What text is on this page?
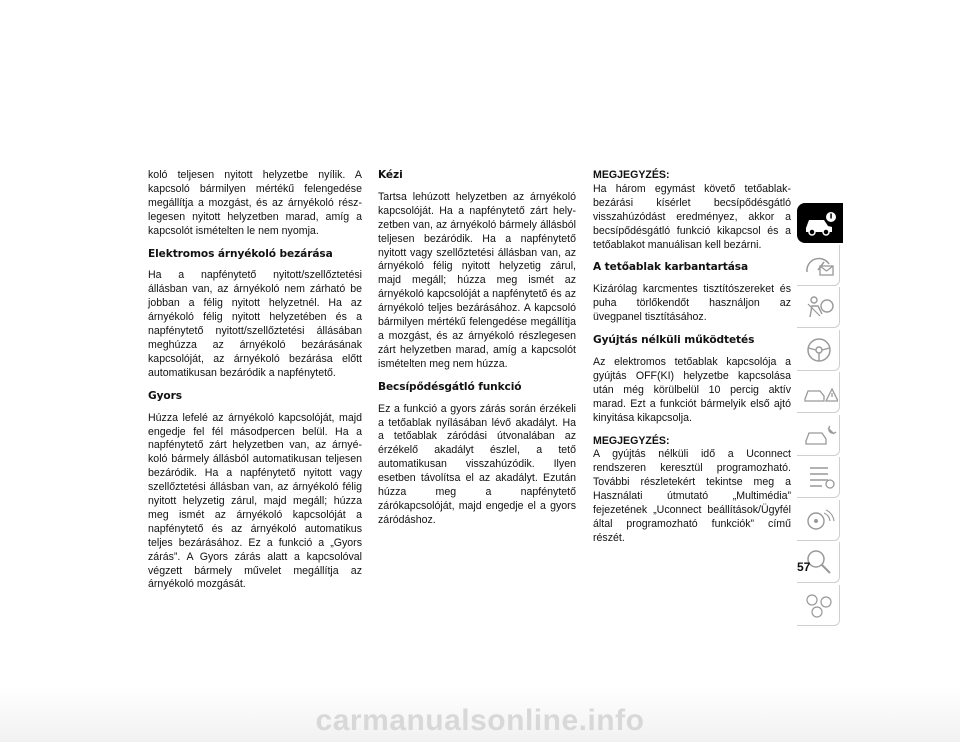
koló teljesen nyitott helyzetbe nyílik. A kapcsoló bármilyen mértékű felengedése megállítja a mozgást, és az árnyékoló részlegesen nyitott helyzetben marad, amíg a kapcsolót ismételten le nem nyomja.

Elektromos árnyékoló bezárása

Ha a napfénytető nyitott/szellőztetési állásban van, az árnyékoló nem zárható be jobban a félig nyitott helyzetnél. Ha az árnyékoló félig nyitott helyzetében és a napfénytető nyitott/szellőztetési állásában meghúzza az árnyékoló bezárásának kapcsolóját, az árnyékoló bezárása előtt automatikusan bezáródik a napfénytető.

Gyors

Húzza lefelé az árnyékoló kapcsolóját, majd engedje fel fél másodpercen belül. Ha a napfénytető zárt helyzetben van, az árnyékoló bármely állásból automatikusan teljesen bezáródik. Ha a napfénytető nyitott vagy szellőztetési állásban van, az árnyékoló félig nyitott helyzetig zárul, majd megáll; húzza meg ismét az árnyékoló kapcsolóját a napfénytető és az árnyékoló automatikus teljes bezárásához. Ez a funkció a „Gyors zárás”. A Gyors zárás alatt a kapcsolóval végzett bármely művelet megállítja az árnyékoló mozgását.

Kézi

Tartsa lehúzott helyzetben az árnyékoló kapcsolóját. Ha a napfénytető zárt helyzetben van, az árnyékoló bármely állásból teljesen bezáródik. Ha a napfénytető nyitott vagy szellőztetési állásban van, az árnyékoló félig nyitott helyzetig zárul, majd megáll; húzza meg ismét az árnyékoló kapcsolóját a napfénytető és az árnyékoló teljes bezárásához. A kapcsoló bármilyen mértékű felengedése megállítja a mozgást, és az árnyékoló részlegesen zárt helyzetben marad, amíg a kapcsolót ismételten meg nem húzza.

Becsípődésgátló funkció

Ez a funkció a gyors zárás során érzékeli a tetőablak nyílásában lévő akadályt. Ha a tetőablak záródási útvonalában az érzékelő akadályt észlel, a tető automatikusan visszahúzódik. Ilyen esetben távolítsa el az akadályt. Ezután húzza meg a napfénytető zárókapcsolóját, majd engedje el a gyors záródáshoz.

MEGJEGYZÉS:
Ha három egymást követő tetőablak-bezárási kísérlet becsípődésgátló visszahúzódást eredményez, akkor a becsípődésgátló funkció kikapcsol és a tetőablakot manuálisan kell bezárni.
A tetőablak karbantartása

Kizárólag karcmentes tisztítószereket és puha törlőkendőt használjon az üvegpanel tisztításához.

Gyújtás nélküli működtetés

Az elektromos tetőablak kapcsolója a gyújtás OFF(KI) helyzetbe kapcsolása után még körülbelül 10 percig aktív marad. Ezt a funkciót bármelyik első ajtó kinyitása kikapcsolja.

MEGJEGYZÉS:
A gyújtás nélküli idő a Uconnect rendszeren keresztül programozható. További részletekért tekintse meg a Használati útmutató „Multimédia” fejezetének „Uconnect beállítások/Ügyfél által programozható funkciók” című részét.
57
carmanualsonline.info
